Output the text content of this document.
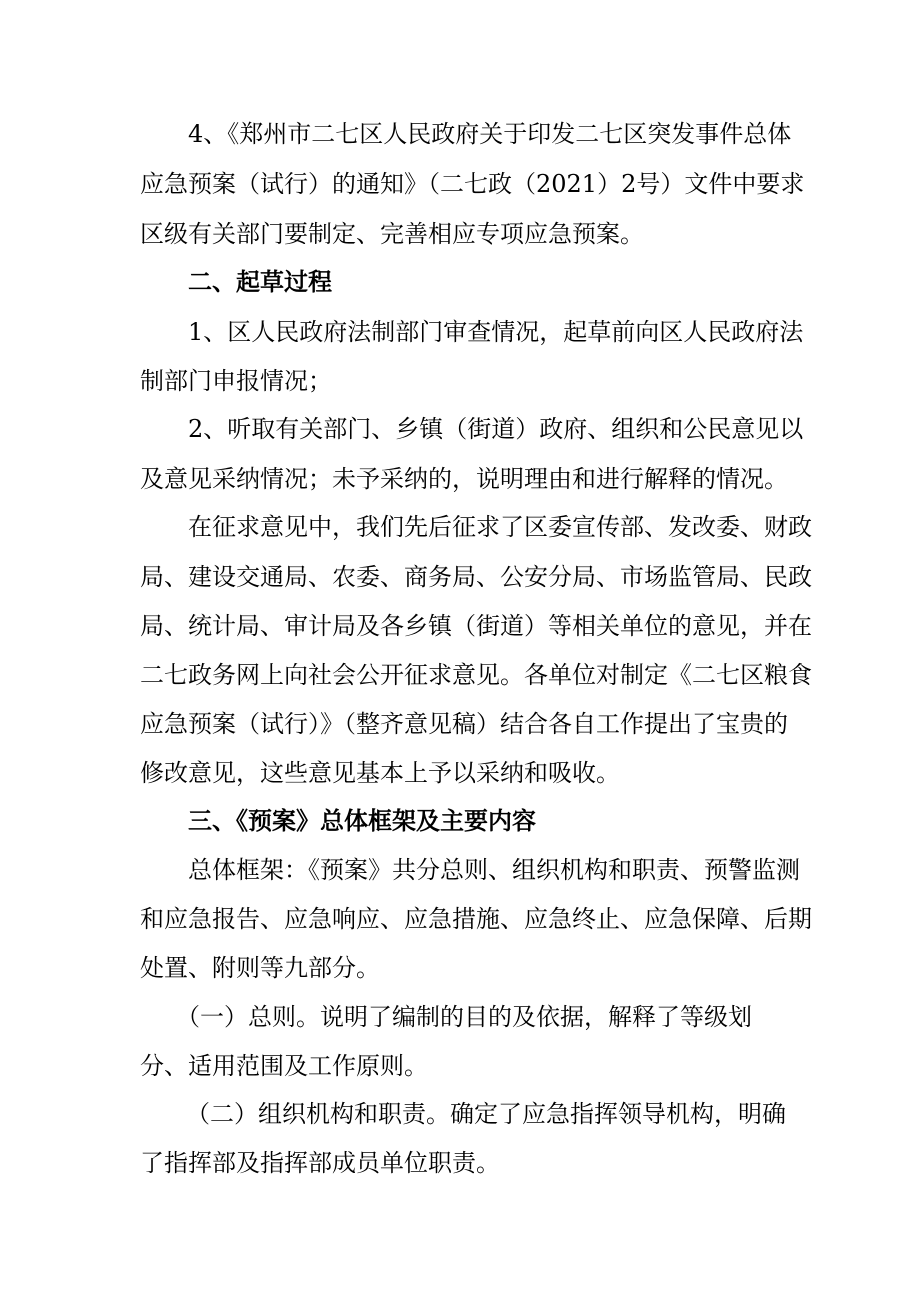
4、《郑州市二七区人民政府关于印发二七区突发事件总体
应急预案（试行）的通知》（二七政（2021）2号）文件中要求
区级有关部门要制定、完善相应专项应急预案。
二、起草过程
1、区人民政府法制部门审查情况，起草前向区人民政府法
制部门申报情况；
2、听取有关部门、乡镇（街道）政府、组织和公民意见以
及意见采纳情况；未予采纳的，说明理由和进行解释的情况。
在征求意见中，我们先后征求了区委宣传部、发改委、财政
局、建设交通局、农委、商务局、公安分局、市场监管局、民政
局、统计局、审计局及各乡镇（街道）等相关单位的意见，并在
二七政务网上向社会公开征求意见。各单位对制定《二七区粮食
应急预案（试行）》（整齐意见稿）结合各自工作提出了宝贵的
修改意见，这些意见基本上予以采纳和吸收。
三、《预案》总体框架及主要内容
总体框架：《预案》共分总则、组织机构和职责、预警监测
和应急报告、应急响应、应急措施、应急终止、应急保障、后期
处置、附则等九部分。
（一）总则。说明了编制的目的及依据，解释了等级划
分、适用范围及工作原则。
（二）组织机构和职责。确定了应急指挥领导机构，明确
了指挥部及指挥部成员单位职责。
